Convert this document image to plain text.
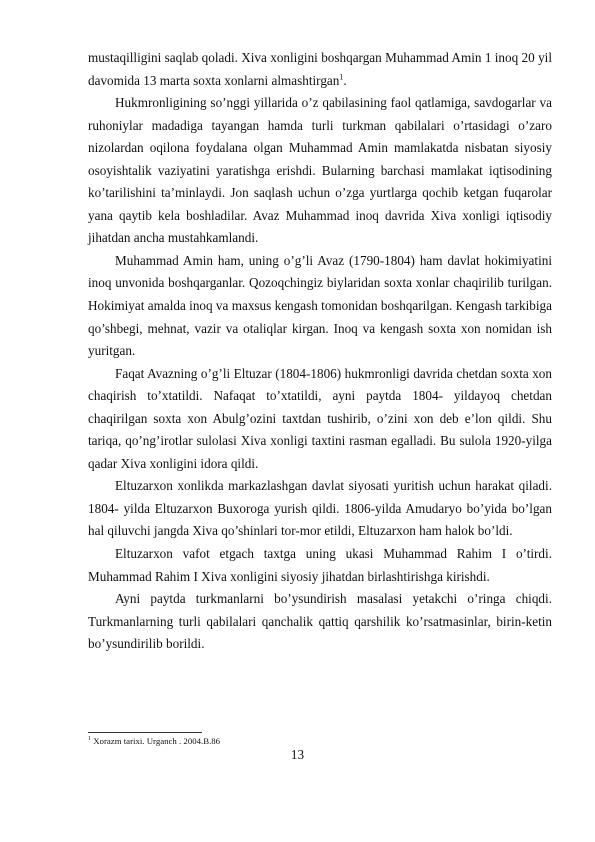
mustaqilligini saqlab qoladi. Xiva xonligini boshqargan Muhammad Amin 1 inoq 20 yil davomida 13 marta soxta xonlarni almashtirgan$^1$.

Hukmronligining so’nggi yillarida o’z qabilasining faol qatlamiga, savdogarlar va ruhoniylar madadiga tayangan hamda turli turkman qabilalari o’rtasidagi o’zaro nizolardan oqilona foydalana olgan Muhammad Amin mamlakatda nisbatan siyosiy osoyishtalik vaziyatini yaratishga erishdi. Bularning barchasi mamlakat iqtisodining ko’tarilishini ta’minlaydi. Jon saqlash uchun o’zga yurtlarga qochib ketgan fuqarolar yana qaytib kela boshladilar. Avaz Muhammad inoq davrida Xiva xonligi iqtisodiy jihatdan ancha mustahkamlandi.

Muhammad Amin ham, uning o’g’li Avaz (1790-1804) ham davlat hokimiyatini inoq unvonida boshqarganlar. Qozoqchingiz biylaridan soxta xonlar chaqirilib turilgan. Hokimiyat amalda inoq va maxsus kengash tomonidan boshqarilgan. Kengash tarkibiga qo’shbegi, mehnat, vazir va otaliqlar kirgan. Inoq va kengash soxta xon nomidan ish yuritgan.

Faqat Avazning o’g’li Eltuzar (1804-1806) hukmronligi davrida chetdan soxta xon chaqirish to’xtatildi. Nafaqat to’xtatildi, ayni paytda 1804- yildayoq chetdan chaqirilgan soxta xon Abulg’ozini taxtdan tushirib, o’zini xon deb e’lon qildi. Shu tariqa, qo’ng’irotlar sulolasi Xiva xonligi taxtini rasman egalladi. Bu sulola 1920-yilga qadar Xiva xonligini idora qildi.

Eltuzarxon xonlikda markazlashgan davlat siyosati yuritish uchun harakat qiladi. 1804- yilda Eltuzarxon Buxoroga yurish qildi. 1806-yilda Amudaryo bo’yida bo’lgan hal qiluvchi jangda Xiva qo’shinlari tor-mor etildi, Eltuzarxon ham halok bo’ldi.

Eltuzarxon vafot etgach taxtga uning ukasi Muhammad Rahim I o’tirdi. Muhammad Rahim I Xiva xonligini siyosiy jihatdan birlashtirishga kirishdi.

Ayni paytda turkmanlarni bo’ysundirish masalasi yetakchi o’ringa chiqdi. Turkmanlarning turli qabilalari qanchalik qattiq qarshilik ko’rsatmasinlar, birin-ketin bo’ysundirilib borildi.

$^1$ Xorazm tarixi. Urganch . 2004.B.86
13
